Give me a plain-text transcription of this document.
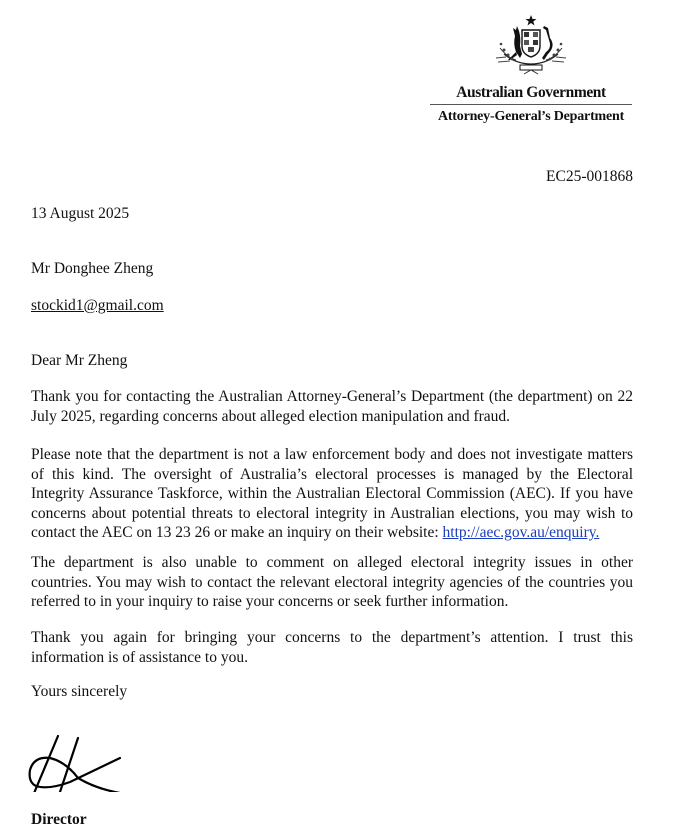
Australian Government
Attorney-General’s Department
EC25-001868
13 August 2025
Mr Donghee Zheng
stockid1@gmail.com
Dear Mr Zheng
Thank you for contacting the Australian Attorney-General’s Department (the department) on 22 July 2025, regarding concerns about alleged election manipulation and fraud.
Please note that the department is not a law enforcement body and does not investigate matters of this kind. The oversight of Australia’s electoral processes is managed by the Electoral Integrity Assurance Taskforce, within the Australian Electoral Commission (AEC). If you have concerns about potential threats to electoral integrity in Australian elections, you may wish to contact the AEC on 13 23 26 or make an inquiry on their website: http://aec.gov.au/enquiry.
The department is also unable to comment on alleged electoral integrity issues in other countries. You may wish to contact the relevant electoral integrity agencies of the countries you referred to in your inquiry to raise your concerns or seek further information.
Thank you again for bringing your concerns to the department’s attention. I trust this information is of assistance to you.
Yours sincerely
Director
